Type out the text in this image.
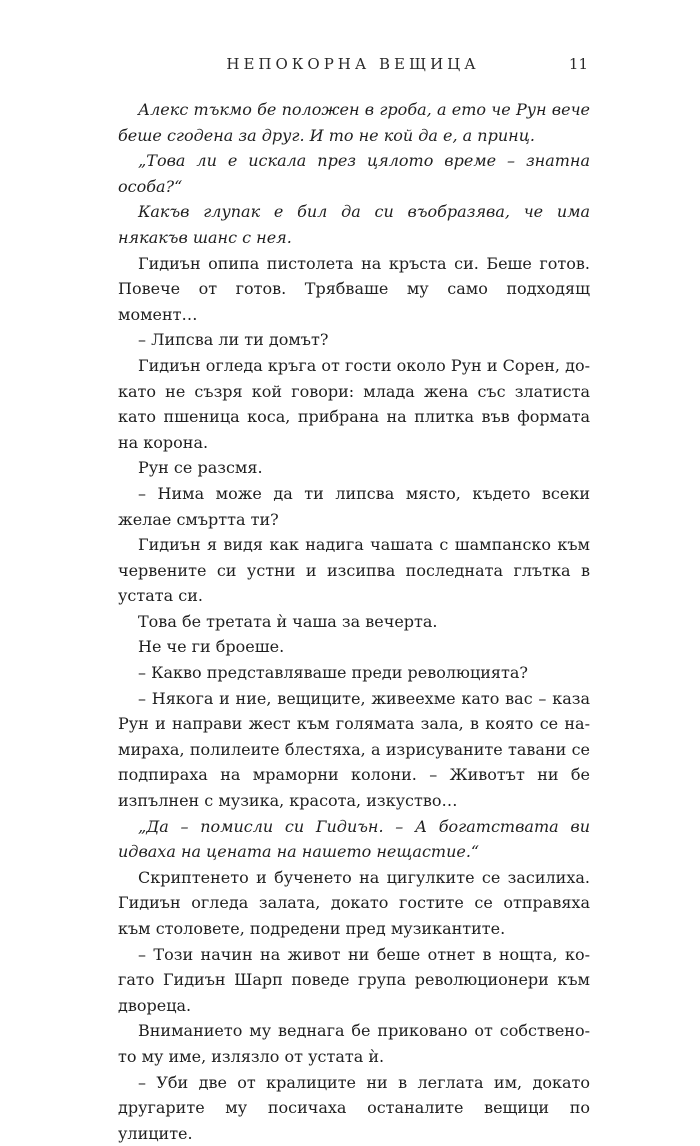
НЕПОКОРНА ВЕЩИЦА	11

Алекс тъкмо бе положен в гроба, а ето че Рун вече беше сгодена за друг. И то не кой да е, а принц.

„Това ли е искала през цялото време – знатна особа?“

Какъв глупак е бил да си въобразява, че има някакъв шанс с нея.

Гидиън опипа пистолета на кръста си. Беше готов. Повече от готов. Трябваше му само подходящ момент…

– Липсва ли ти домът?

Гидиън огледа кръга от гости около Рун и Сорен, докато не съзря кой говори: млада жена със златиста като пшеница коса, прибрана на плитка във формата на корона.

Рун се разсмя.

– Нима може да ти липсва място, където всеки желае смъртта ти?

Гидиън я видя как надига чашата с шампанско към червените си устни и изсипва последната глътка в устата си.

Това бе третата ѝ чаша за вечерта.

Не че ги броеше.

– Какво представляваше преди революцията?

– Някога и ние, вещиците, живеехме като вас – каза Рун и направи жест към голямата зала, в която се намираха, полилеите блестяха, а изрисуваните тавани се подпираха на мраморни колони. – Животът ни бе изпълнен с музика, красота, изкуство…

„Да – помисли си Гидиън. – А богатствата ви идваха на цената на нашето нещастие.“

Скриптенето и бученето на цигулките се засилиха. Гидиън огледа залата, докато гостите се отправяха към столовете, подредени пред музикантите.

– Този начин на живот ни беше отнет в нощта, когато Гидиън Шарп поведе група революционери към двореца.

Вниманието му веднага бе приковано от собственото му име, излязло от устата ѝ.

– Уби две от кралиците ни в леглата им, докато другарите му посичаха останалите вещици по улиците.
